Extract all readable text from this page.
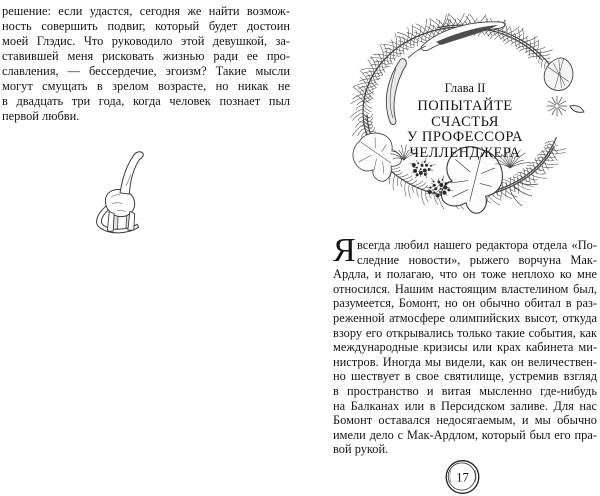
решение: если удастся, сегодня же найти возмож-
ность совершить подвиг, который будет достоин
моей Глэдис. Что руководило этой девушкой, за-
ставившей меня рисковать жизнью ради ее про-
славления, — бессердечие, эгоизм? Такие мысли
могут смущать в зрелом возрасте, но никак не
в двадцать три года, когда человек познает пыл
первой любви.
Глава II
ПОПЫТАЙТЕ
СЧАСТЬЯ
У ПРОФЕССОРА
ЧЕЛЛЕНДЖЕРА
Я всегда любил нашего редактора отдела «По-
следние новости», рыжего ворчуна Мак-
Ардла, и полагаю, что он тоже неплохо ко мне
относился. Нашим настоящим властелином был,
разумеется, Бомонт, но он обычно обитал в раз-
реженной атмосфере олимпийских высот, откуда
взору его открывались только такие события, как
международные кризисы или крах кабинета ми-
нистров. Иногда мы видели, как он величествен-
но шествует в свое святилище, устремив взгляд
в пространство и витая мысленно где-нибудь
на Балканах или в Персидском заливе. Для нас
Бомонт оставался недосягаемым, и мы обычно
имели дело с Мак-Ардлом, который был его пра-
вой рукой.
17
